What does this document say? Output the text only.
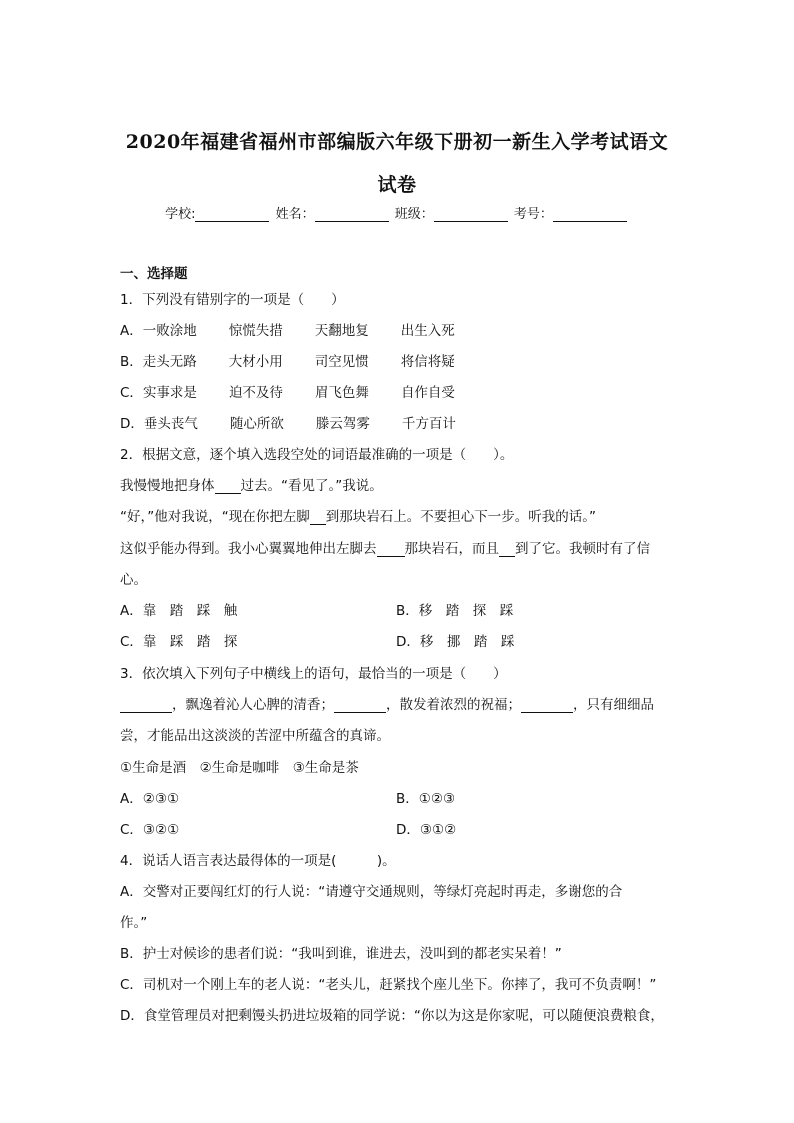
2020年福建省福州市部编版六年级下册初一新生入学考试语文
试卷
学校:	姓名：	班级：	考号：
一、选择题
1．下列没有错别字的一项是（　　）
A．一败涂地 惊慌失措 天翻地复 出生入死
B．走头无路 大材小用 司空见惯 将信将疑
C．实事求是 迫不及待 眉飞色舞 自作自受
D．垂头丧气 随心所欲 滕云驾雾 千方百计
2．根据文意，逐个填入选段空处的词语最准确的一项是（　　）。
我慢慢地把身体 过去。“看见了。”我说。
“好，”他对我说，“现在你把左脚 到那块岩石上。不要担心下一步。听我的话。”
这似乎能办得到。我小心翼翼地伸出左脚去 那块岩石，而且 到了它。我顿时有了信
心。
A．靠　踏　踩　触	B．移　踏　探　踩
C．靠　踩　踏　探	D．移　挪　踏　踩
3．依次填入下列句子中横线上的语句，最恰当的一项是（　　）
，飘逸着沁人心脾的清香；	，散发着浓烈的祝福；	，只有细细品
尝，才能品出这淡淡的苦涩中所蕴含的真谛。
①生命是酒　②生命是咖啡　③生命是茶
A．②③①	B．①②③
C．③②①	D．③①②
4．说话人语言表达最得体的一项是(　　　)。
A．交警对正要闯红灯的行人说：“请遵守交通规则，等绿灯亮起时再走，多谢您的合
作。”
B．护士对候诊的患者们说：“我叫到谁，谁进去，没叫到的都老实呆着！”
C．司机对一个刚上车的老人说：“老头儿，赶紧找个座儿坐下。你摔了，我可不负责啊！”
D．食堂管理员对把剩馒头扔进垃圾箱的同学说：“你以为这是你家呢，可以随便浪费粮食，
